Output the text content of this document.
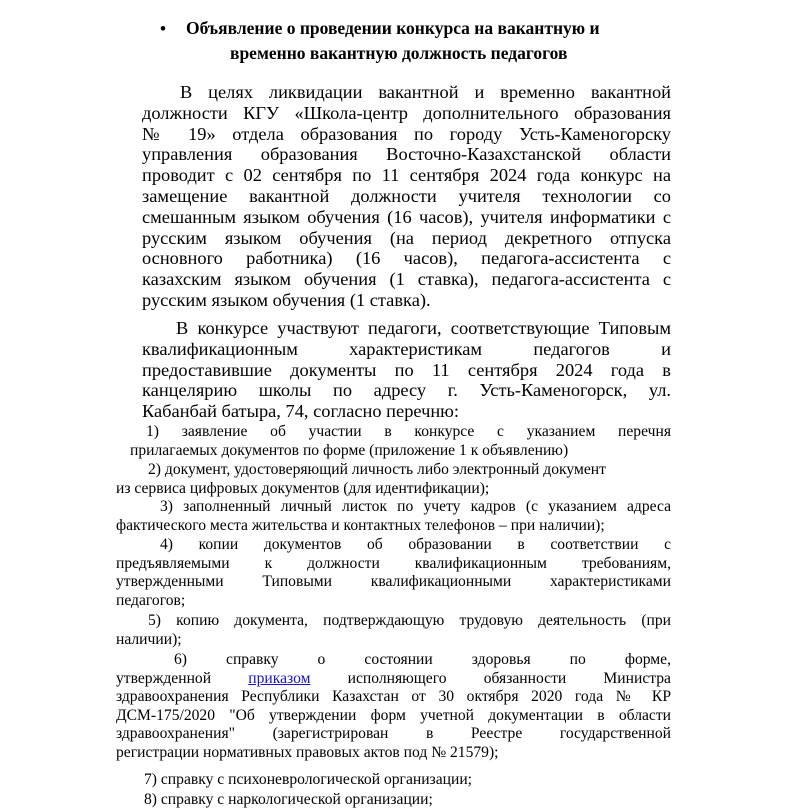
•	Объявление о проведении конкурса на вакантную и
временно вакантную должность педагогов
В целях ликвидации вакантной и временно вакантной
должности КГУ «Школа-центр дополнительного образования
№ 19» отдела образования по городу Усть-Каменогорску
управления образования Восточно-Казахстанской области
проводит с 02 сентября по 11 сентября 2024 года конкурс на
замещение вакантной должности учителя технологии со
смешанным языком обучения (16 часов), учителя информатики с
русским языком обучения (на период декретного отпуска
основного работника) (16 часов), педагога-ассистента с
казахским языком обучения (1 ставка), педагога-ассистента с
русским языком обучения (1 ставка).
В конкурсе участвуют педагоги, соответствующие Типовым
квалификационным характеристикам педагогов и
предоставившие документы по 11 сентября 2024 года в
канцелярию школы по адресу г. Усть-Каменогорск, ул.
Кабанбай батыра, 74, согласно перечню:
1) заявление об участии в конкурсе с указанием перечня
прилагаемых документов по форме (приложение 1 к объявлению)
2) документ, удостоверяющий личность либо электронный документ
из сервиса цифровых документов (для идентификации);
3) заполненный личный листок по учету кадров (с указанием адреса
фактического места жительства и контактных телефонов – при наличии);
4) копии документов об образовании в соответствии с
предъявляемыми к должности квалификационным требованиям,
утвержденными Типовыми квалификационными характеристиками
педагогов;
5) копию документа, подтверждающую трудовую деятельность (при
наличии);
6) справку о состоянии здоровья по форме,
утвержденной приказом исполняющего обязанности Министра
здравоохранения Республики Казахстан от 30 октября 2020 года № КР
ДСМ-175/2020 "Об утверждении форм учетной документации в области
здравоохранения" (зарегистрирован в Реестре государственной
регистрации нормативных правовых актов под № 21579);
7) справку с психоневрологической организации;
8) справку с наркологической организации;
